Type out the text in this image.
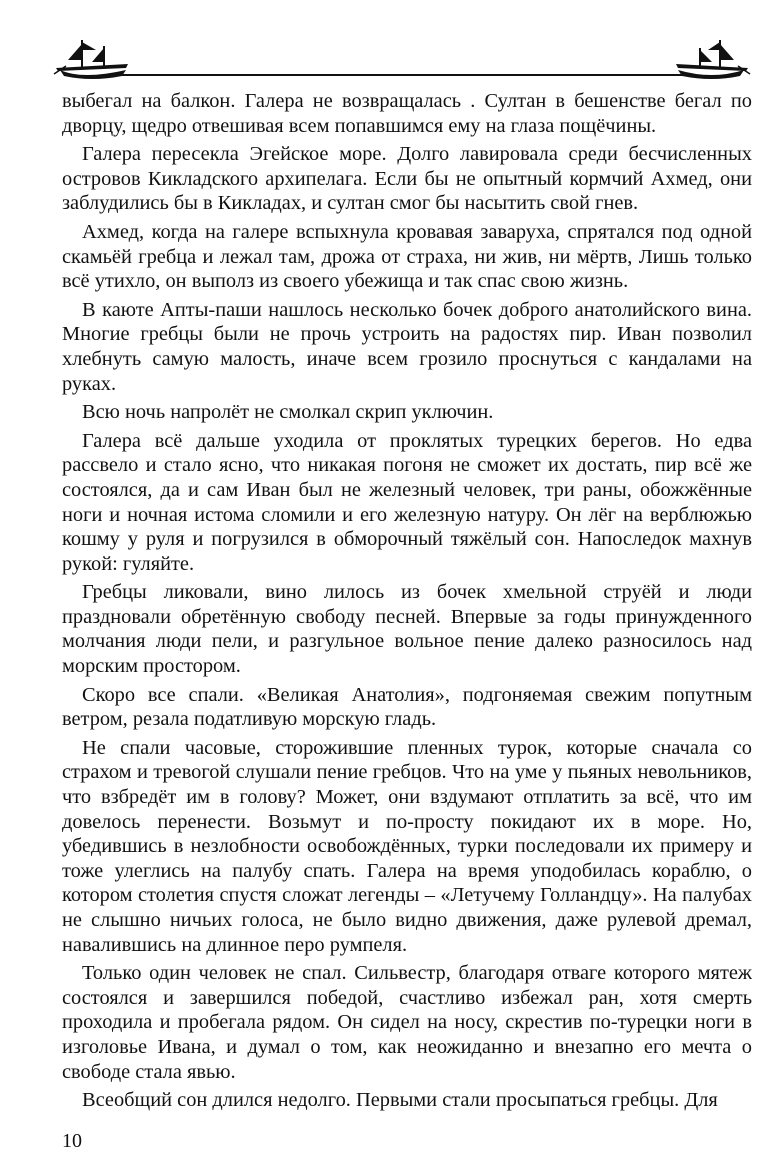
выбегал на балкон. Галера не возвращалась . Султан в бешенстве бегал по дворцу, щедро отвешивая всем попавшимся ему на глаза пощёчины.

Галера пересекла Эгейское море. Долго лавировала среди бесчисленных островов Кикладского архипелага. Если бы не опытный кормчий Ахмед, они заблудились бы в Кикладах, и султан смог бы насытить свой гнев.

Ахмед, когда на галере вспыхнула кровавая заваруха, спрятался под одной скамьёй гребца и лежал там, дрожа от страха, ни жив, ни мёртв, Лишь только всё утихло, он выполз из своего убежища и так спас свою жизнь.

В каюте Апты-паши нашлось несколько бочек доброго анатолийского вина. Многие гребцы были не прочь устроить на радостях пир. Иван позволил хлебнуть самую малость, иначе всем грозило проснуться с кандалами на руках.

Всю ночь напролёт не смолкал скрип уключин.

Галера всё дальше уходила от проклятых турецких берегов. Но едва рассвело и стало ясно, что никакая погоня не сможет их достать, пир всё же состоялся, да и сам Иван был не железный человек, три раны, обожжённые ноги и ночная истома сломили и его железную натуру. Он лёг на верблюжью кошму у руля и погрузился в обморочный тяжёлый сон. Напоследок махнув рукой: гуляйте.

Гребцы ликовали, вино лилось из бочек хмельной струёй и люди праздновали обретённую свободу песней. Впервые за годы принужденного молчания люди пели, и разгульное вольное пение далеко разносилось над морским простором.

Скоро все спали. «Великая Анатолия», подгоняемая свежим попутным ветром, резала податливую морскую гладь.

Не спали часовые, сторожившие пленных турок, которые сначала со страхом и тревогой слушали пение гребцов. Что на уме у пьяных невольников, что взбредёт им в голову? Может, они вздумают отплатить за всё, что им довелось перенести. Возьмут и по-просту покидают их в море. Но, убедившись в незлобности освобождённых, турки последовали их примеру и тоже улеглись на палубу спать. Галера на время уподобилась кораблю, о котором столетия спустя сложат легенды – «Летучему Голландцу». На палубах не слышно ничьих голоса, не было видно движения, даже рулевой дремал, навалившись на длинное перо румпеля.

Только один человек не спал. Сильвестр, благодаря отваге которого мятеж состоялся и завершился победой, счастливо избежал ран, хотя смерть проходила и пробегала рядом. Он сидел на носу, скрестив по-турецки ноги в изголовье Ивана, и думал о том, как неожиданно и внезапно его мечта о свободе стала явью.

Всеобщий сон длился недолго. Первыми стали просыпаться гребцы. Для

10
